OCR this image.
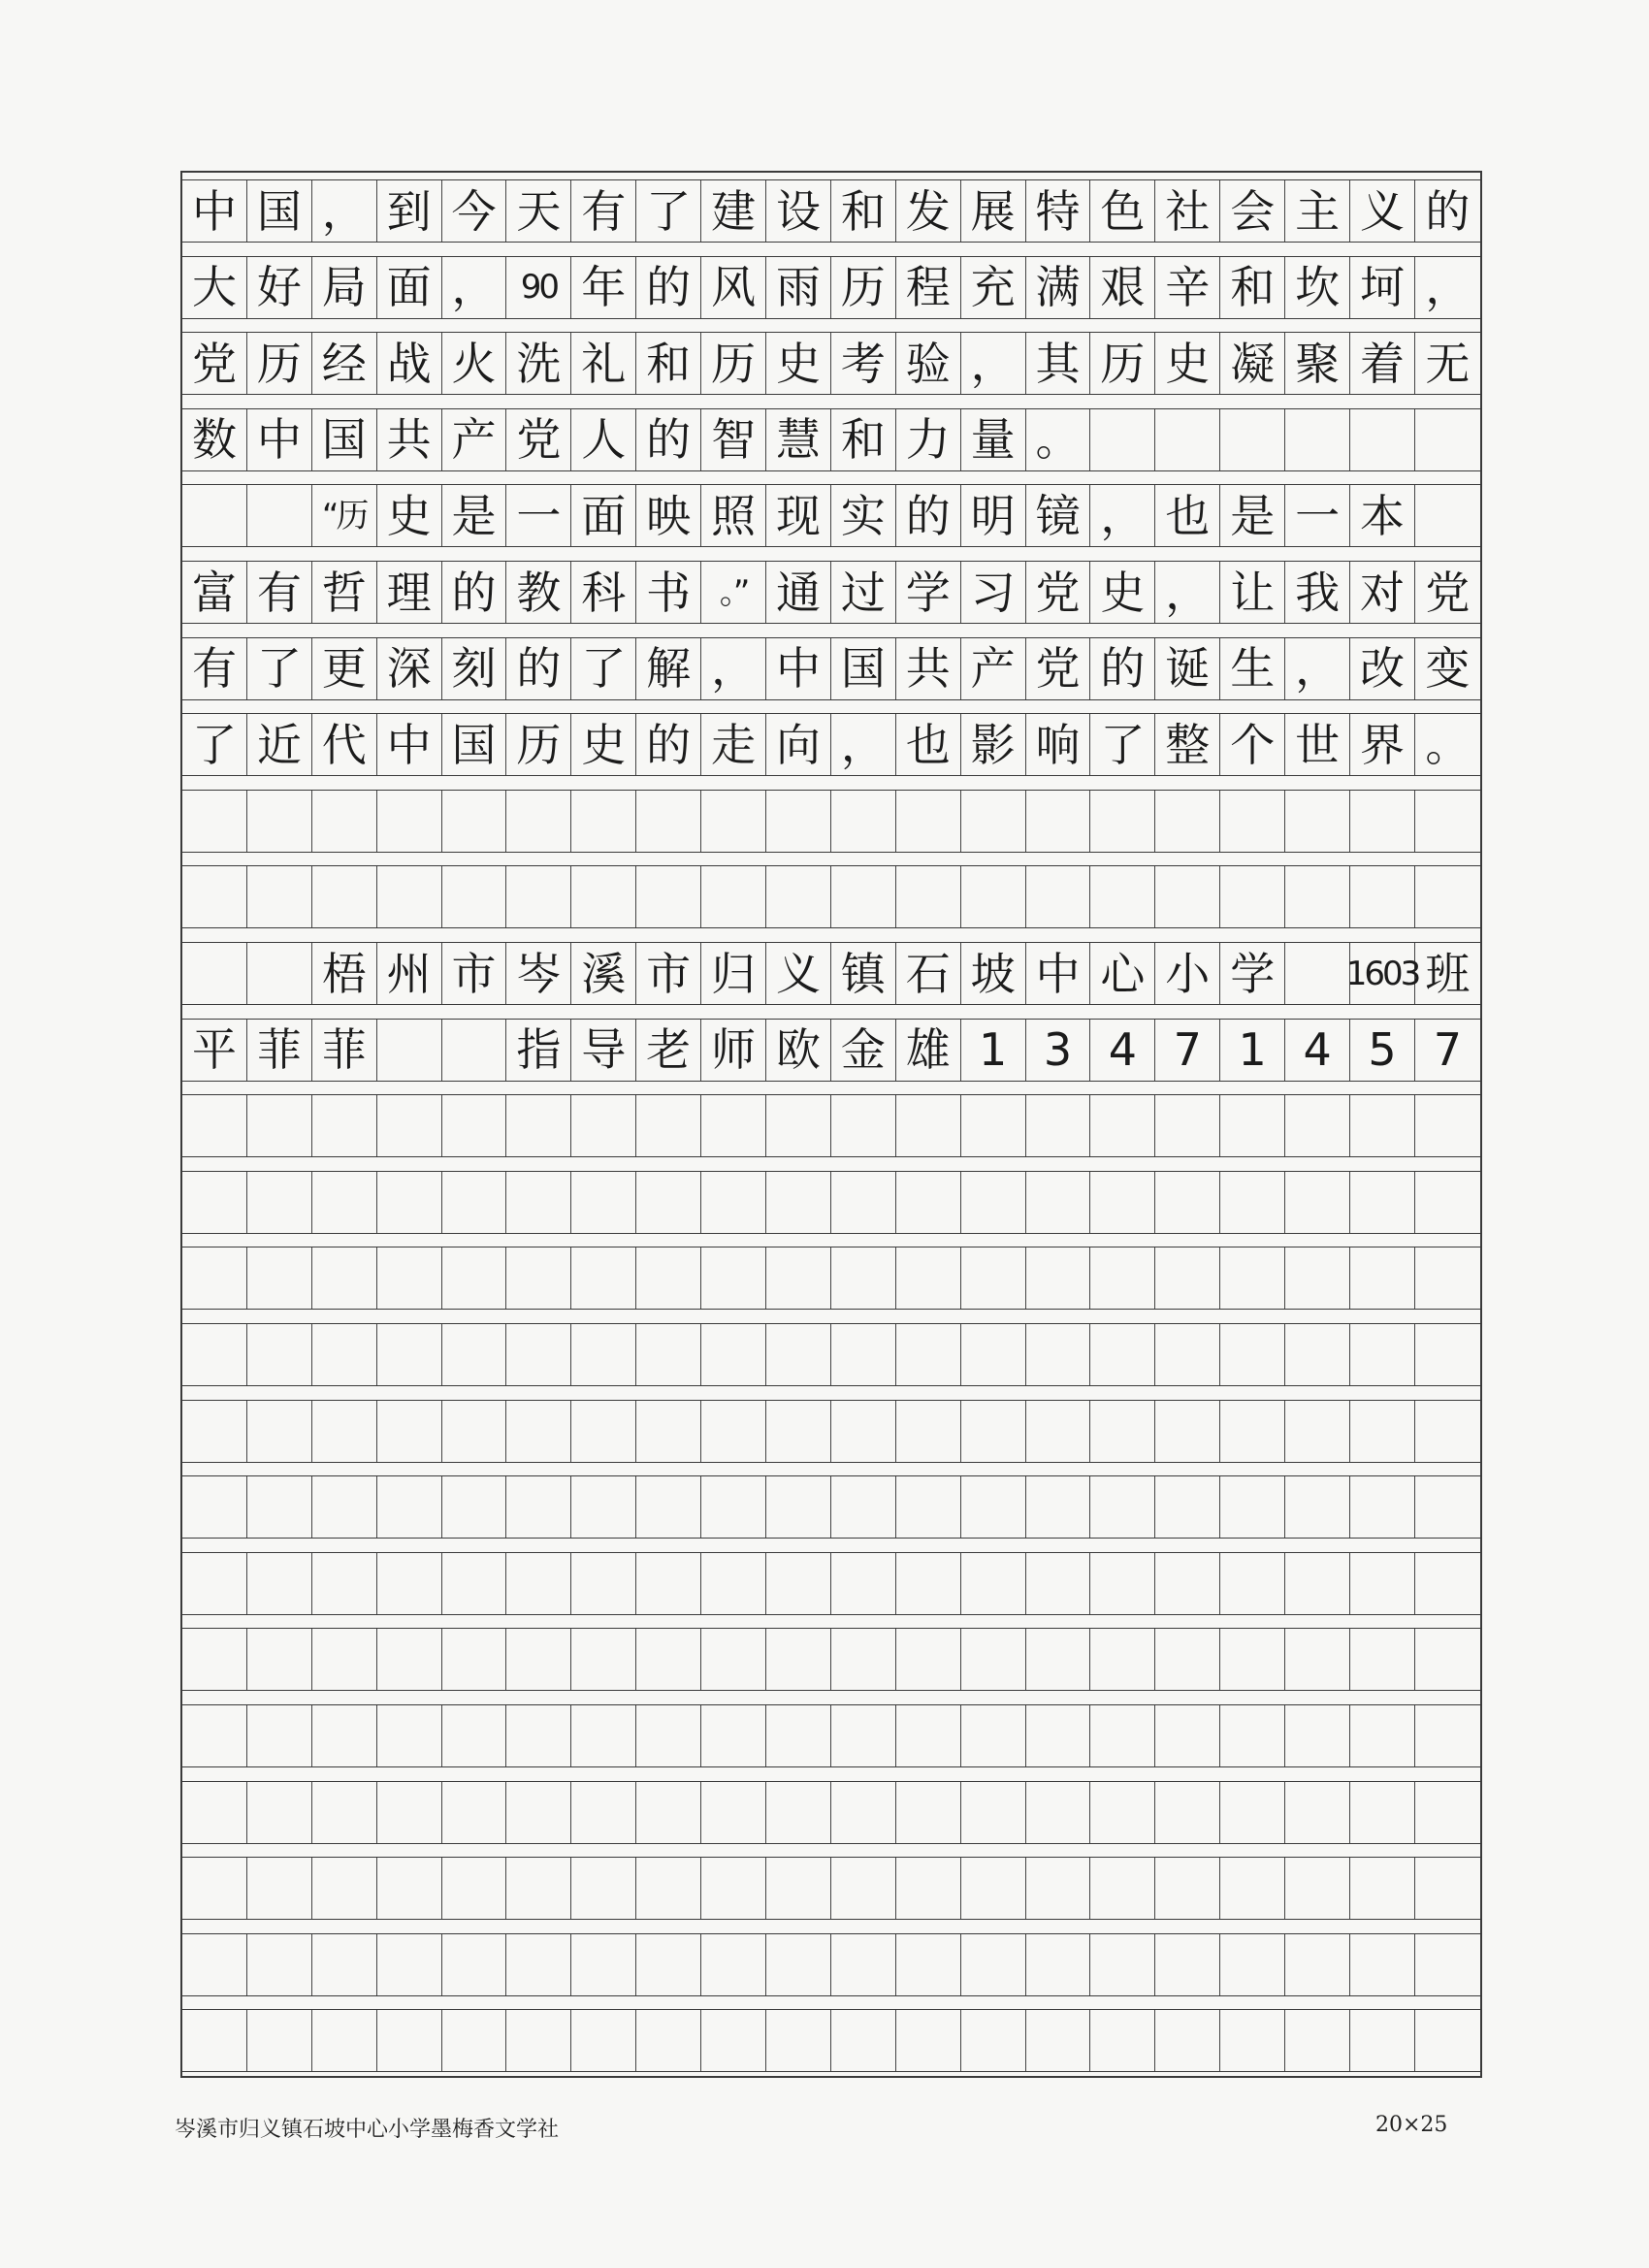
中 国 ， 到 今 天 有 了 建 设 和 发 展 特 色 社 会 主 义 的
大 好 局 面 ， 90 年 的 风 雨 历 程 充 满 艰 辛 和 坎 坷 ，
党 历 经 战 火 洗 礼 和 历 史 考 验 ， 其 历 史 凝 聚 着 无
数 中 国 共 产 党 人 的 智 慧 和 力 量 。
“历 史 是 一 面 映 照 现 实 的 明 镜 ， 也 是 一 本
富 有 哲 理 的 教 科 书 。” 通 过 学 习 党 史 ， 让 我 对 党
有 了 更 深 刻 的 了 解 ， 中 国 共 产 党 的 诞 生 ， 改 变
了 近 代 中 国 历 史 的 走 向 ， 也 影 响 了 整 个 世 界 。
梧 州 市 岑 溪 市 归 义 镇 石 坡 中 心 小 学	1603 班
平 菲 菲	指 导 老 师 欧 金 雄 1 3 4 7 1 4 5 7
岑溪市归义镇石坡中心小学墨梅香文学社	20×25
